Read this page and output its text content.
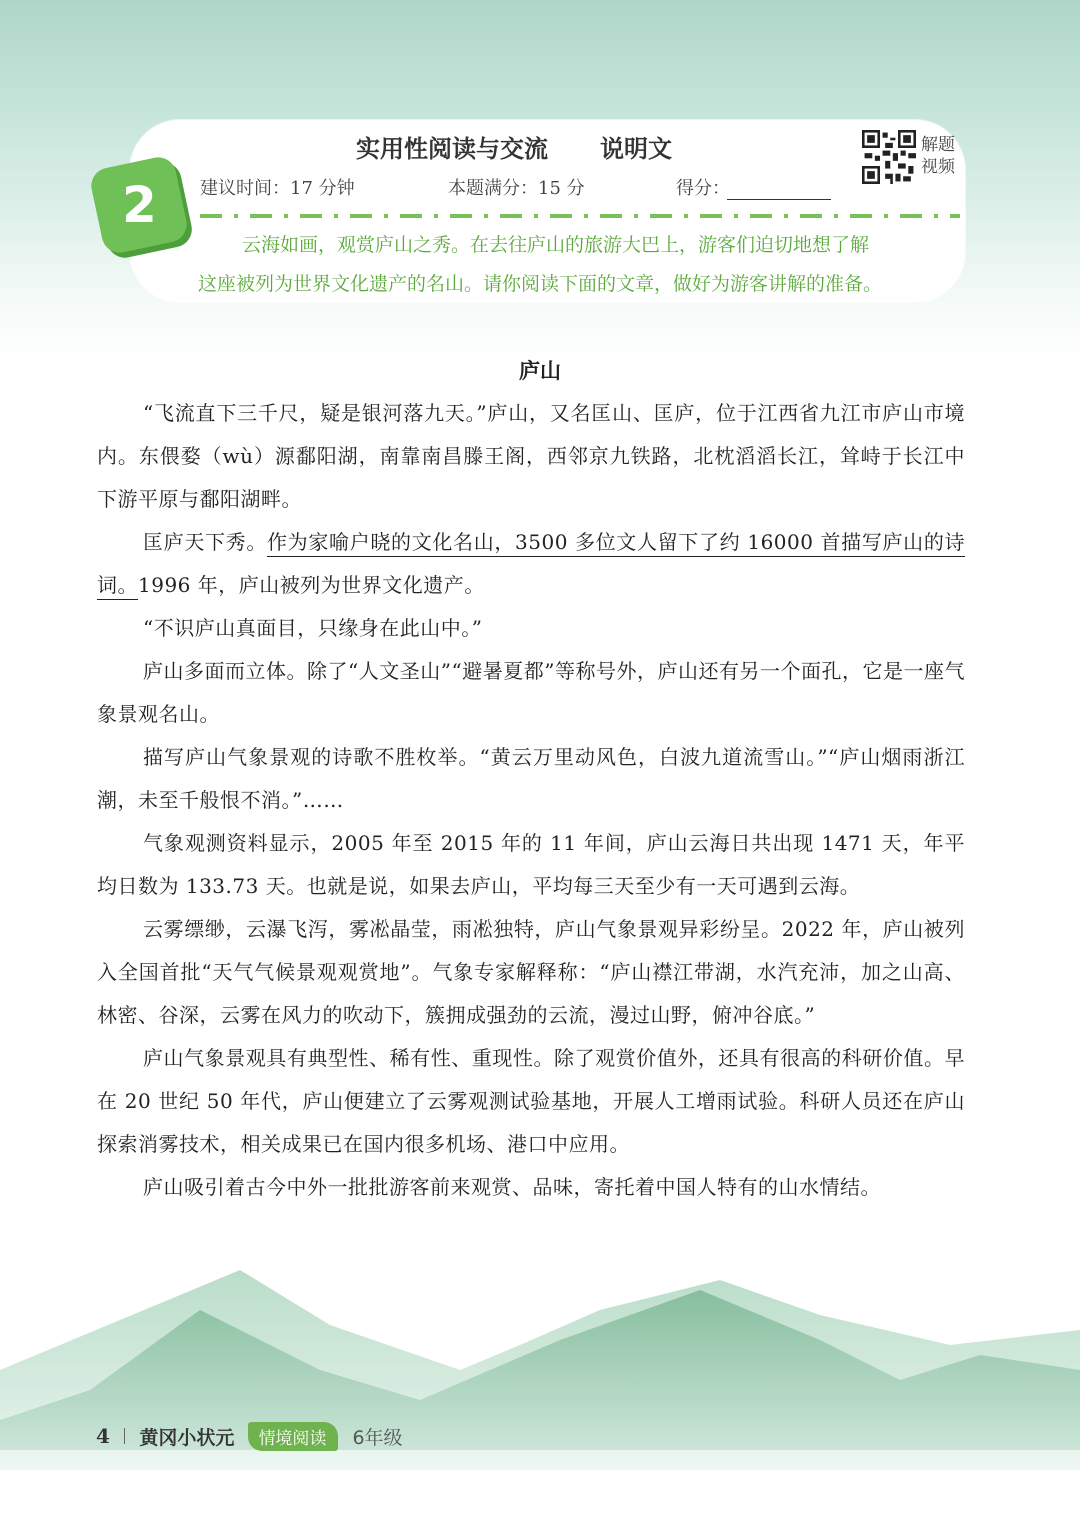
2
实用性阅读与交流 说明文
建议时间：17 分钟	本题满分：15 分	得分：
解题视频

云海如画，观赏庐山之秀。在去往庐山的旅游大巴上，游客们迫切地想了解

这座被列为世界文化遗产的名山。请你阅读下面的文章，做好为游客讲解的准备。

庐山

“飞流直下三千尺，疑是银河落九天。”庐山，又名匡山、匡庐，位于江西省九江市庐山市境内。东偎婺（wù）源鄱阳湖，南靠南昌滕王阁，西邻京九铁路，北枕滔滔长江，耸峙于长江中下游平原与鄱阳湖畔。

匡庐天下秀。作为家喻户晓的文化名山，3500 多位文人留下了约 16000 首描写庐山的诗词。1996 年，庐山被列为世界文化遗产。

“不识庐山真面目，只缘身在此山中。”

庐山多面而立体。除了“人文圣山”“避暑夏都”等称号外，庐山还有另一个面孔，它是一座气象景观名山。

描写庐山气象景观的诗歌不胜枚举。“黄云万里动风色，白波九道流雪山。”“庐山烟雨浙江潮，未至千般恨不消。”……

气象观测资料显示，2005 年至 2015 年的 11 年间，庐山云海日共出现 1471 天，年平均日数为 133.73 天。也就是说，如果去庐山，平均每三天至少有一天可遇到云海。

云雾缥缈，云瀑飞泻，雾凇晶莹，雨凇独特，庐山气象景观异彩纷呈。2022 年，庐山被列入全国首批“天气气候景观观赏地”。气象专家解释称：“庐山襟江带湖，水汽充沛，加之山高、林密、谷深，云雾在风力的吹动下，簇拥成强劲的云流，漫过山野，俯冲谷底。”

庐山气象景观具有典型性、稀有性、重现性。除了观赏价值外，还具有很高的科研价值。早在 20 世纪 50 年代，庐山便建立了云雾观测试验基地，开展人工增雨试验。科研人员还在庐山探索消雾技术，相关成果已在国内很多机场、港口中应用。

庐山吸引着古今中外一批批游客前来观赏、品味，寄托着中国人特有的山水情结。

4 黄冈小状元	情境阅读	6年级
